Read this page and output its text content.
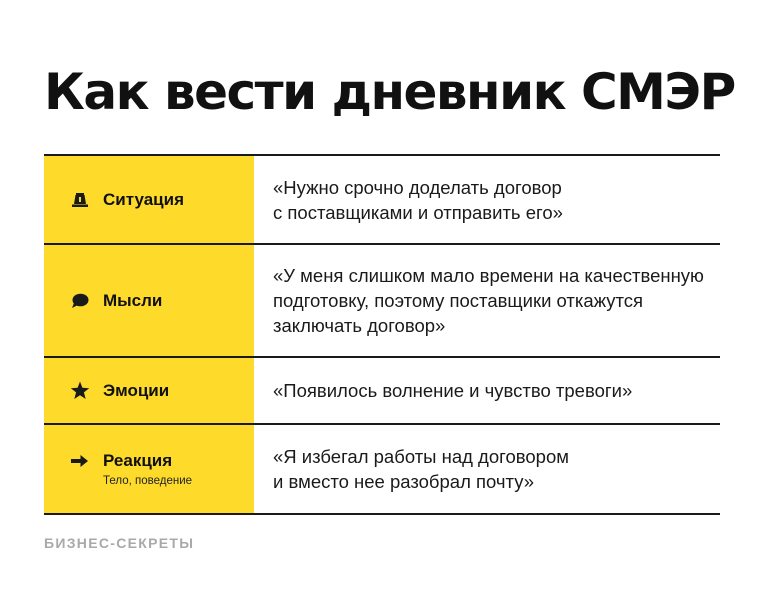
Как вести дневник СМЭР
Ситуация
«Нужно срочно доделать договор
с поставщиками и отправить его»
Мысли
«У меня слишком мало времени на качественную
подготовку, поэтому поставщики откажутся
заключать договор»
Эмоции	«Появилось волнение и чувство тревоги»
Реакция
Тело, поведение
«Я избегал работы над договором
и вместо нее разобрал почту»
БИЗНЕС-СЕКРЕТЫ
